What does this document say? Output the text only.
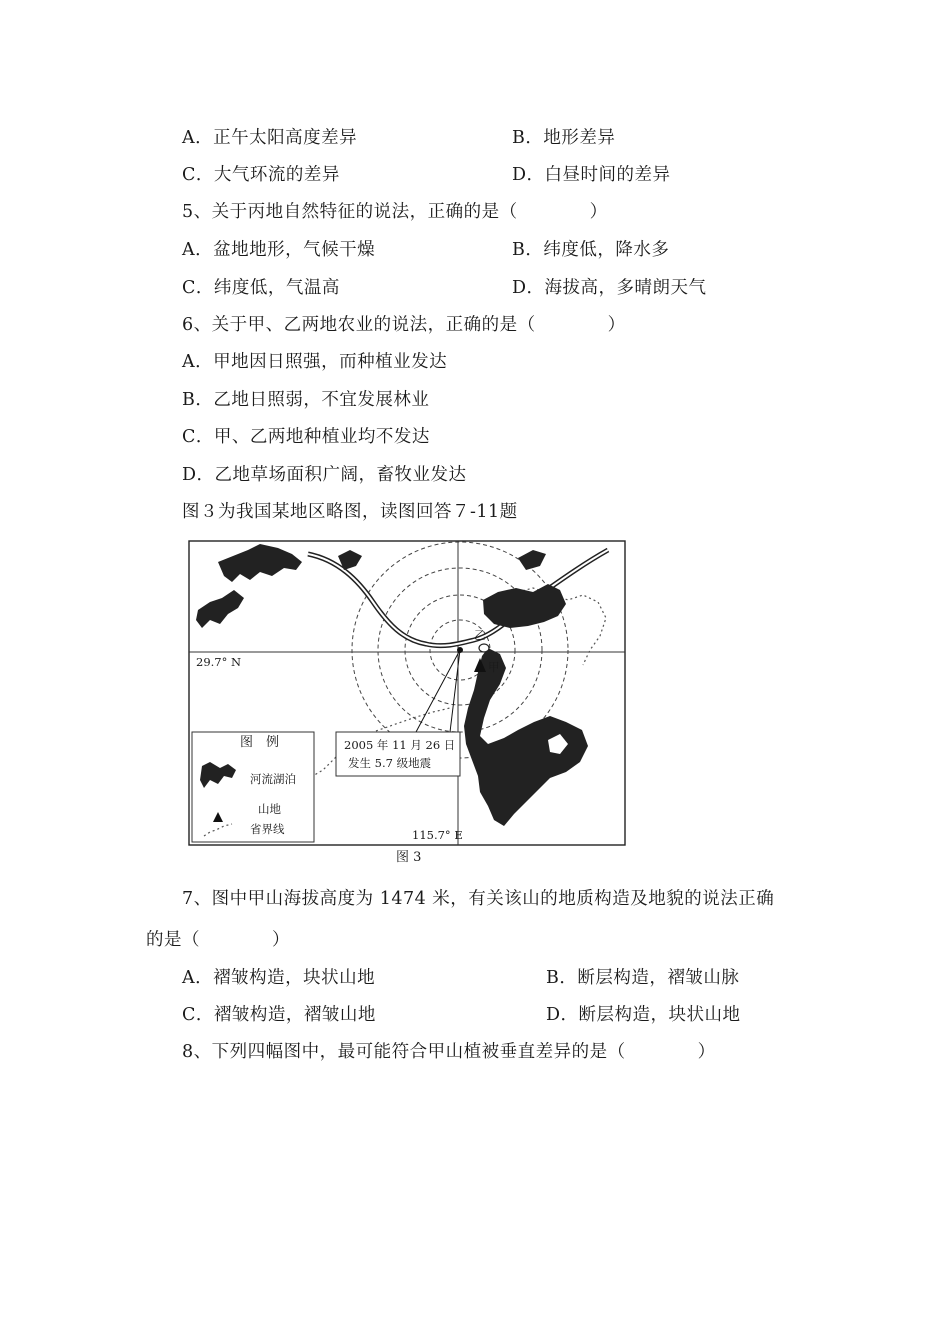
A．正午太阳高度差异	B．地形差异
C．大气环流的差异	D．白昼时间的差异
5、关于丙地自然特征的说法，正确的是（　　　　）
A．盆地地形，气候干燥	B．纬度低，降水多
C．纬度低，气温高	D．海拔高，多晴朗天气
6、关于甲、乙两地农业的说法，正确的是（　　　　）
A．甲地因日照强，而种植业发达
B．乙地日照弱，不宜发展林业
C．甲、乙两地种植业均不发达
D．乙地草场面积广阔，畜牧业发达
图３为我国某地区略图，读图回答７-11题
29.7° N
115.7° E
图　例
河流湖泊
山地
省界线
2005 年 11 月 26 日
发生 5.7 级地震
甲
乙
图 3
7、图中甲山海拔高度为 1474 米，有关该山的地质构造及地貌的说法正确
的是（　　　　）
A．褶皱构造，块状山地	B．断层构造，褶皱山脉
C．褶皱构造，褶皱山地	D．断层构造，块状山地
8、下列四幅图中，最可能符合甲山植被垂直差异的是（　　　　）
